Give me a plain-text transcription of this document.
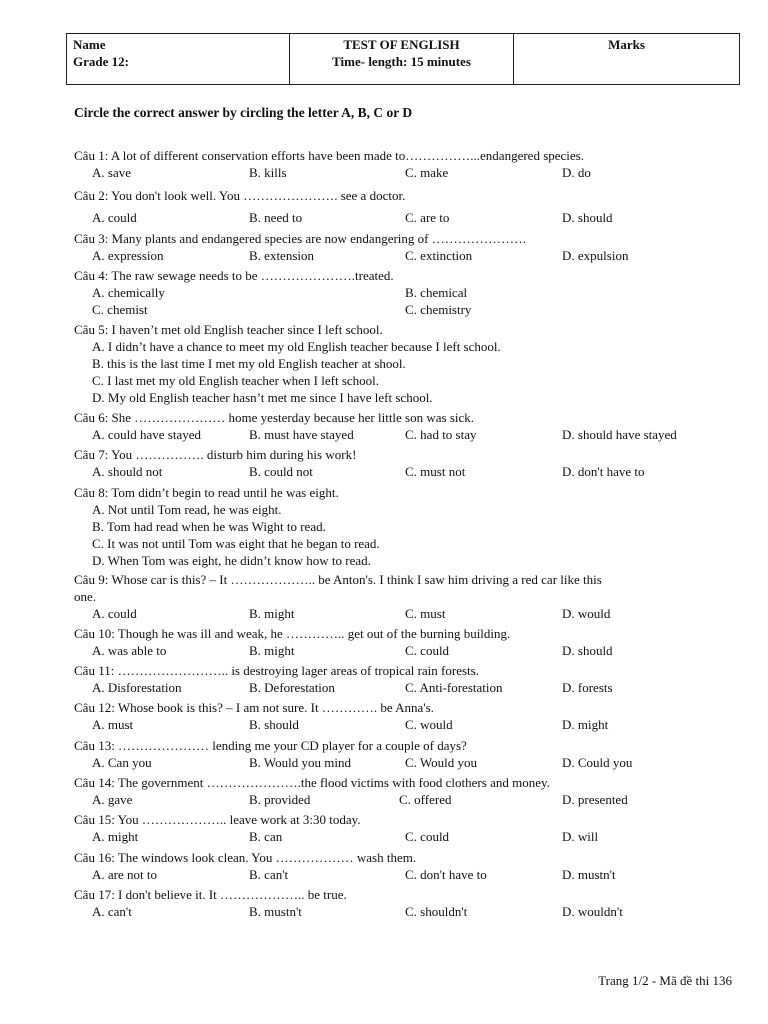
Name
Grade 12:

TEST OF ENGLISH
Time- length: 15 minutes

Marks
Circle the correct answer by circling the letter A, B, C or D
Câu 1: A lot of different conservation efforts have been made to……………...endangered species.
A. save	B. kills	C. make	D. do
Câu 2: You don't look well. You …………………. see a doctor.
A. could	B. need to	C. are to	D. should
Câu 3: Many plants and endangered species are now endangering of ………………….
A. expression	B. extension	C. extinction	D. expulsion
Câu 4: The raw sewage needs to be ………………….treated.
A. chemically	B. chemical
C. chemist	C. chemistry
Câu 5: I haven’t met old English teacher since I left school.
A. I didn’t have a chance to meet my old English teacher because I left school.
B. this is the last time I met my old English teacher at shool.
C. I last met my old English teacher when I left school.
D. My old English teacher hasn’t met me since I have left school.
Câu 6: She ………………… home yesterday because her little son was sick.
A. could have stayed	B. must have stayed	C. had to stay	D. should have stayed
Câu 7: You ……………. disturb him during his work!
A. should not	B. could not	C. must not	D. don't have to
Câu 8: Tom didn’t begin to read until he was eight.
A. Not until Tom read, he was eight.
B. Tom had read when he was Wight to read.
C. It was not until Tom was eight that he began to read.
D. When Tom was eight, he didn’t know how to read.
Câu 9: Whose car is this? – It ……………….. be Anton's. I think I saw him driving a red car like this
one.
A. could	B. might	C. must	D. would
Câu 10: Though he was ill and weak, he ………….. get out of the burning building.
A. was able to	B. might	C. could	D. should
Câu 11: …………………….. is destroying lager areas of tropical rain forests.
A. Disforestation	B. Deforestation	C. Anti-forestation	D. forests
Câu 12: Whose book is this? – I am not sure. It …………. be Anna's.
A. must	B. should	C. would	D. might
Câu 13: ………………… lending me your CD player for a couple of days?
A. Can you	B. Would you mind	C. Would you	D. Could you
Câu 14: The government ………………….the flood victims with food clothers and money.
A. gave	B. provided	C. offered	D. presented
Câu 15: You ……………….. leave work at 3:30 today.
A. might	B. can	C. could	D. will
Câu 16: The windows look clean. You ……………… wash them.
A. are not to	B. can't	C. don't have to	D. mustn't
Câu 17: I don't believe it. It ……………….. be true.
A. can't	B. mustn't	C. shouldn't	D. wouldn't
Trang 1/2 - Mã đề thi 136
